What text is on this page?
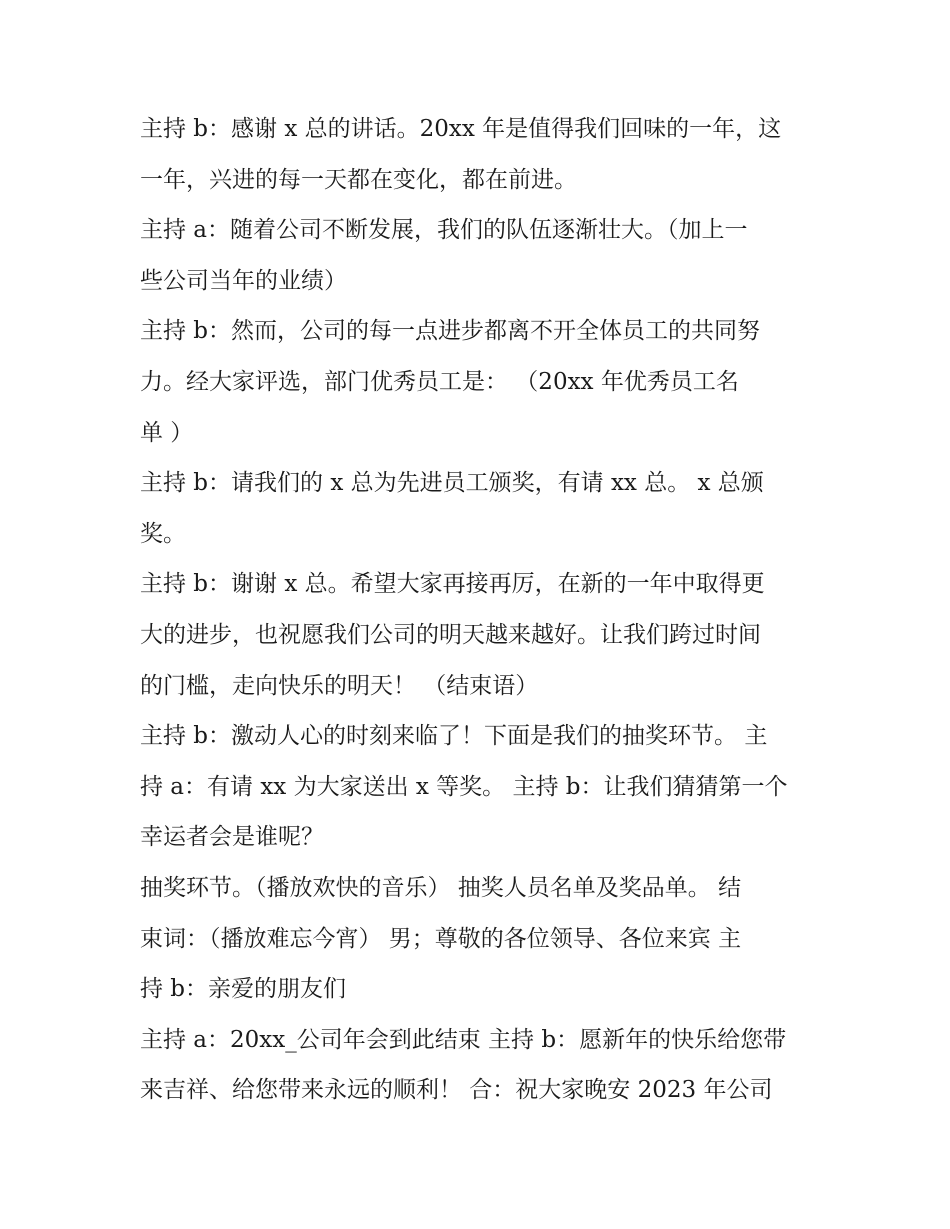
主持 b：感谢 x 总的讲话。20xx 年是值得我们回味的一年，这
一年，兴进的每一天都在变化，都在前进。
主持 a：随着公司不断发展，我们的队伍逐渐壮大。（加上一
些公司当年的业绩）
主持 b：然而，公司的每一点进步都离不开全体员工的共同努
力。经大家评选，部门优秀员工是： （20xx 年优秀员工名
单 ）
主持 b：请我们的 x 总为先进员工颁奖，有请 xx 总。 x 总颁
奖。
主持 b：谢谢 x 总。希望大家再接再厉，在新的一年中取得更
大的进步，也祝愿我们公司的明天越来越好。让我们跨过时间
的门槛，走向快乐的明天！ （结束语）
主持 b：激动人心的时刻来临了！下面是我们的抽奖环节。 主
持 a：有请 xx 为大家送出 x 等奖。 主持 b：让我们猜猜第一个
幸运者会是谁呢？
抽奖环节。（播放欢快的音乐） 抽奖人员名单及奖品单。 结
束词：（播放难忘今宵） 男；尊敬的各位领导、各位来宾 主
持 b：亲爱的朋友们
主持 a：20xx_公司年会到此结束 主持 b：愿新年的快乐给您带
来吉祥、给您带来永远的顺利！ 合：祝大家晚安 2023 年公司
